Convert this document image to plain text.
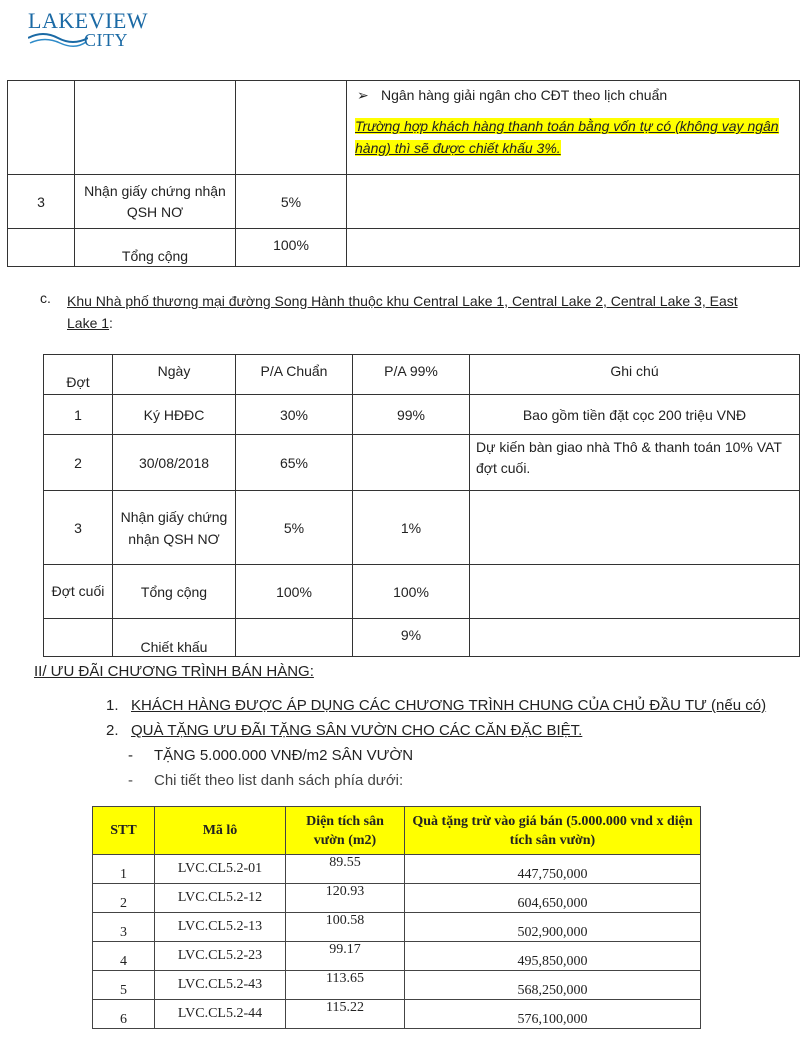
LAKEVIEW
CITY

			➢ Ngân hàng giải ngân cho CĐT theo lịch chuẩn
Trường hợp khách hàng thanh toán bằng vốn tự có (không vay ngân hàng) thì sẽ được chiết khấu 3%.

3	Nhận giấy chứng nhận QSH NƠ	5%	
	Tổng cộng	100%	
c. Khu Nhà phố thương mại đường Song Hành thuộc khu Central Lake 1, Central Lake 2, Central Lake 3, East Lake 1:
Đợt	Ngày	P/A Chuẩn	P/A 99%	Ghi chú
1	Ký HĐĐC	30%	99%	Bao gồm tiền đặt cọc 200 triệu VNĐ
2	30/08/2018	65%		Dự kiến bàn giao nhà Thô & thanh toán 10% VAT đợt cuối.
3	Nhận giấy chứng nhận QSH NƠ	5%	1%	
Đợt cuối	Tổng cộng	100%	100%	
	Chiết khấu		9%	
II/ ƯU ĐÃI CHƯƠNG TRÌNH BÁN HÀNG:
1. KHÁCH HÀNG ĐƯỢC ÁP DỤNG CÁC CHƯƠNG TRÌNH CHUNG CỦA CHỦ ĐẦU TƯ (nếu có)
2. QUÀ TẶNG ƯU ĐÃI TẶNG SÂN VƯỜN CHO CÁC CĂN ĐẶC BIỆT.
- TẶNG 5.000.000 VNĐ/m2 SÂN VƯỜN
- Chi tiết theo list danh sách phía dưới:
STT	Mã lô	Diện tích sân vườn (m2)	Quà tặng trừ vào giá bán (5.000.000 vnd x diện tích sân vườn)
1	LVC.CL5.2-01	89.55	447,750,000
2	LVC.CL5.2-12	120.93	604,650,000
3	LVC.CL5.2-13	100.58	502,900,000
4	LVC.CL5.2-23	99.17	495,850,000
5	LVC.CL5.2-43	113.65	568,250,000
6	LVC.CL5.2-44	115.22	576,100,000
